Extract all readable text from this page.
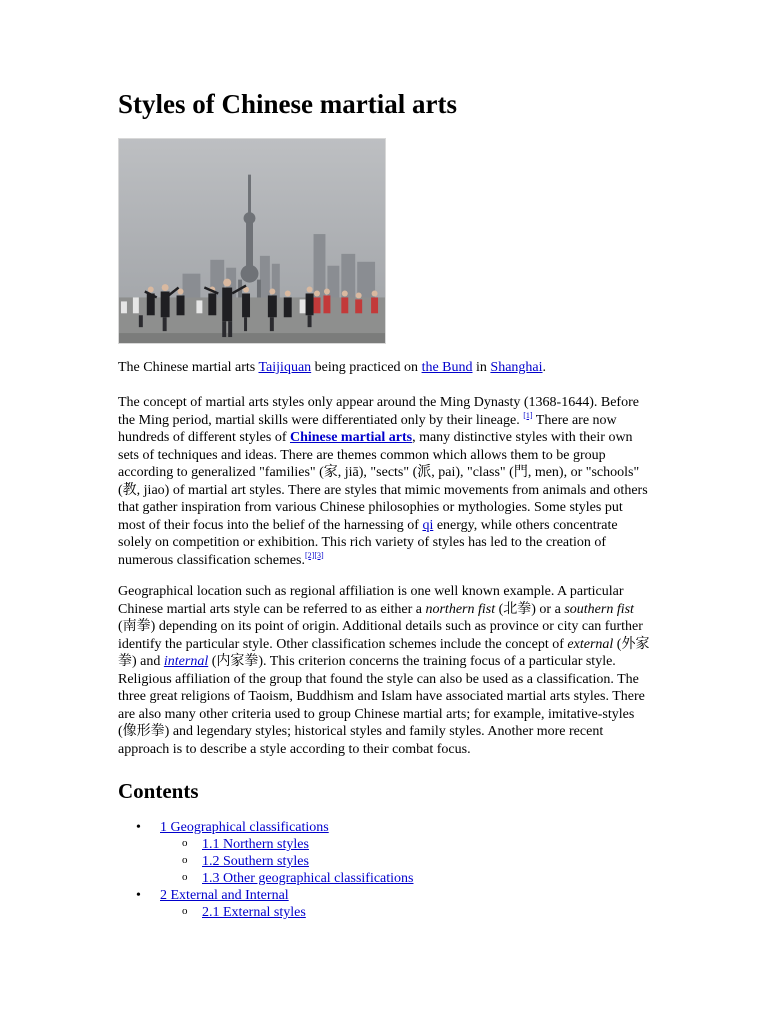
Styles of Chinese martial arts

The Chinese martial arts Taijiquan being practiced on the Bund in Shanghai.

The concept of martial arts styles only appear around the Ming Dynasty (1368-1644). Before the Ming period, martial skills were differentiated only by their lineage. [1] There are now hundreds of different styles of Chinese martial arts, many distinctive styles with their own sets of techniques and ideas. There are themes common which allows them to be group according to generalized "families" (家, jiā), "sects" (派, pai), "class" (門, men), or "schools" (教, jiao) of martial art styles. There are styles that mimic movements from animals and others that gather inspiration from various Chinese philosophies or mythologies. Some styles put most of their focus into the belief of the harnessing of qi energy, while others concentrate solely on competition or exhibition. This rich variety of styles has led to the creation of numerous classification schemes.[2][3]

Geographical location such as regional affiliation is one well known example. A particular Chinese martial arts style can be referred to as either a northern fist (北拳) or a southern fist (南拳) depending on its point of origin. Additional details such as province or city can further identify the particular style. Other classification schemes include the concept of external (外家拳) and internal (内家拳). This criterion concerns the training focus of a particular style. Religious affiliation of the group that found the style can also be used as a classification. The three great religions of Taoism, Buddhism and Islam have associated martial arts styles. There are also many other criteria used to group Chinese martial arts; for example, imitative-styles (像形拳) and legendary styles; historical styles and family styles. Another more recent approach is to describe a style according to their combat focus.

Contents
• 1 Geographical classifications
o 1.1 Northern styles
o 1.2 Southern styles
o 1.3 Other geographical classifications
• 2 External and Internal
o 2.1 External styles
